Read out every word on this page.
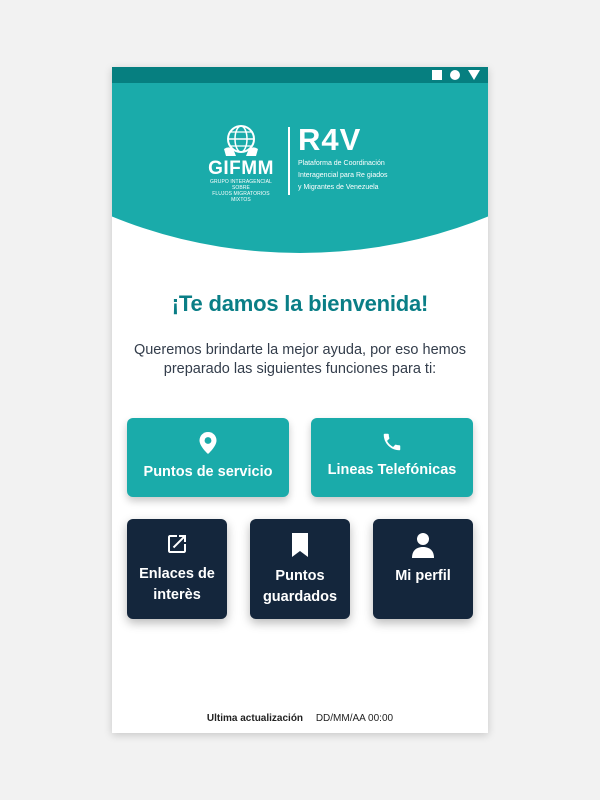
GIFMM
GRUPO INTERAGENCIAL SOBRE
FLUJOS MIGRATORIOS MIXTOS
R4V
Plataforma de Coordinación
Interagencial para Re giados
y Migrantes de Venezuela
¡Te damos la bienvenida!
Queremos brindarte la mejor ayuda, por eso hemos preparado las siguientes funciones para ti:
Puntos de servicio	Lineas Telefónicas
Enlaces de interès
Puntos guardados
Mi perfil
Ultima actualización DD/MM/AA 00:00
